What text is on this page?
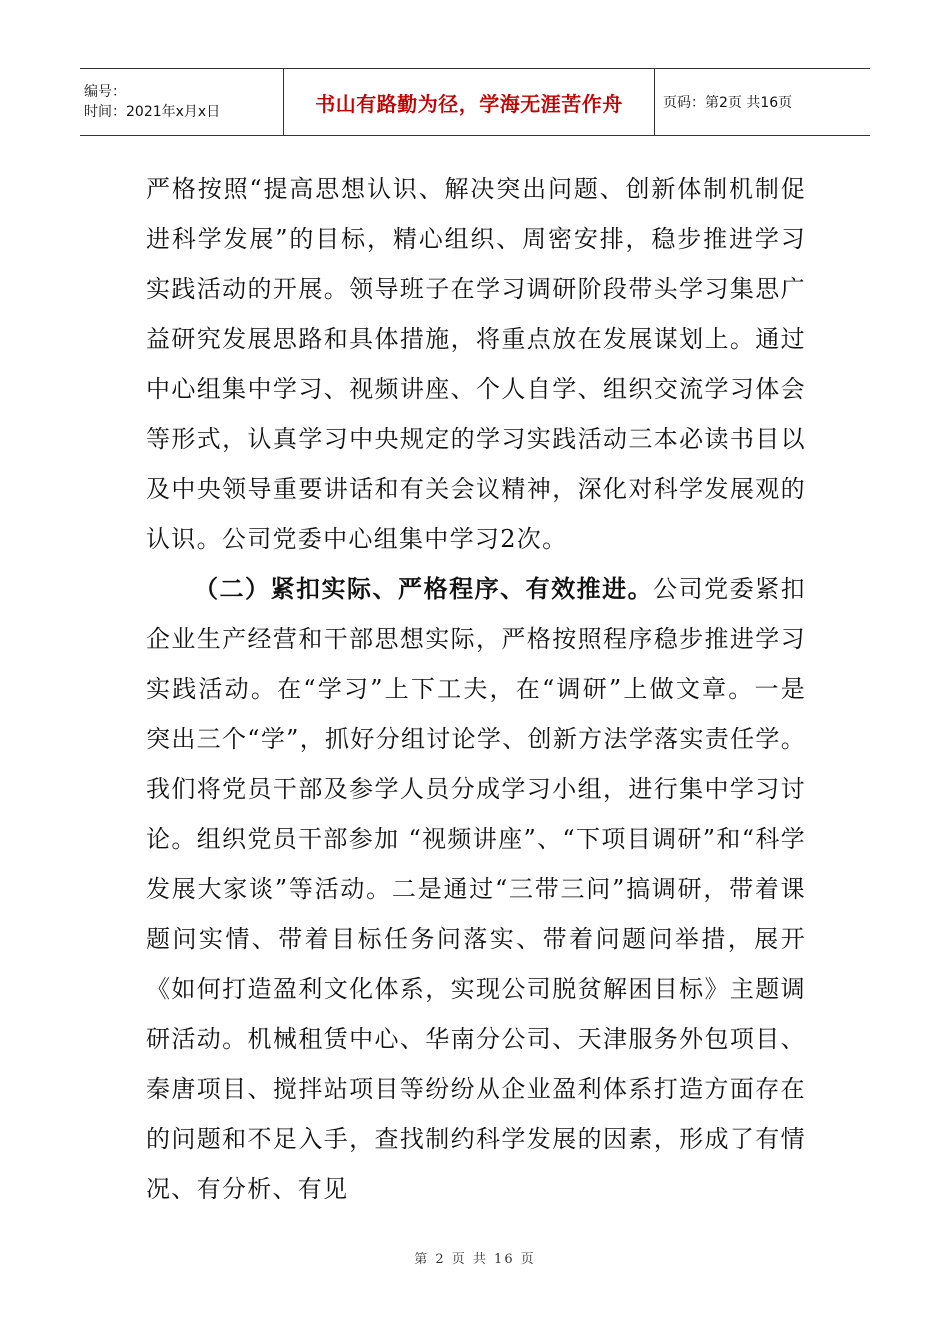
编号：
时间：2021年x月x日	书山有路勤为径，学海无涯苦作舟	页码：第2页 共16页

严格按照“提高思想认识、解决突出问题、创新体制机制促进科学发展”的目标，精心组织、周密安排，稳步推进学习实践活动的开展。领导班子在学习调研阶段带头学习集思广益研究发展思路和具体措施，将重点放在发展谋划上。通过中心组集中学习、视频讲座、个人自学、组织交流学习体会等形式，认真学习中央规定的学习实践活动三本必读书目以及中央领导重要讲话和有关会议精神，深化对科学发展观的认识。公司党委中心组集中学习2次。

（二）紧扣实际、严格程序、有效推进。公司党委紧扣企业生产经营和干部思想实际，严格按照程序稳步推进学习实践活动。在“学习”上下工夫，在“调研”上做文章。一是突出三个“学”，抓好分组讨论学、创新方法学落实责任学。我们将党员干部及参学人员分成学习小组，进行集中学习讨论。组织党员干部参加 “视频讲座”、“下项目调研”和“科学发展大家谈”等活动。二是通过“三带三问”搞调研，带着课题问实情、带着目标任务问落实、带着问题问举措，展开《如何打造盈利文化体系，实现公司脱贫解困目标》主题调研活动。机械租赁中心、华南分公司、天津服务外包项目、秦唐项目、搅拌站项目等纷纷从企业盈利体系打造方面存在的问题和不足入手，查找制约科学发展的因素，形成了有情况、有分析、有见

第 2 页 共 16 页
